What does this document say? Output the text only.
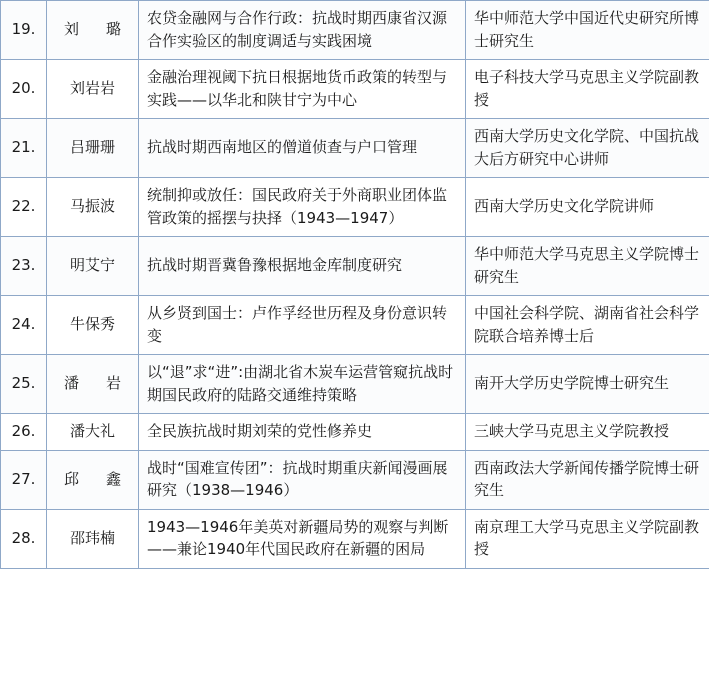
19.	刘　璐	农贷金融网与合作行政：抗战时期西康省汉源合作实验区的制度调适与实践困境	华中师范大学中国近代史研究所博士研究生
20.	刘岩岩	金融治理视阈下抗日根据地货币政策的转型与实践——以华北和陕甘宁为中心	电子科技大学马克思主义学院副教授
21.	吕珊珊	抗战时期西南地区的僧道侦查与户口管理	西南大学历史文化学院、中国抗战大后方研究中心讲师
22.	马振波	统制抑或放任：国民政府关于外商职业团体监管政策的摇摆与抉择（1943—1947）	西南大学历史文化学院讲师
23.	明艾宁	抗战时期晋冀鲁豫根据地金库制度研究	华中师范大学马克思主义学院博士研究生
24.	牛保秀	从乡贤到国士：卢作孚经世历程及身份意识转变	中国社会科学院、湖南省社会科学院联合培养博士后
25.	潘　岩	以“退”求“进”:由湖北省木炭车运营管窥抗战时期国民政府的陆路交通维持策略	南开大学历史学院博士研究生
26.	潘大礼	全民族抗战时期刘荣的党性修养史	三峡大学马克思主义学院教授
27.	邱　鑫	战时“国难宣传团”：抗战时期重庆新闻漫画展研究（1938—1946）	西南政法大学新闻传播学院博士研究生
28.	邵玮楠	1943—1946年美英对新疆局势的观察与判断——兼论1940年代国民政府在新疆的困局	南京理工大学马克思主义学院副教授
